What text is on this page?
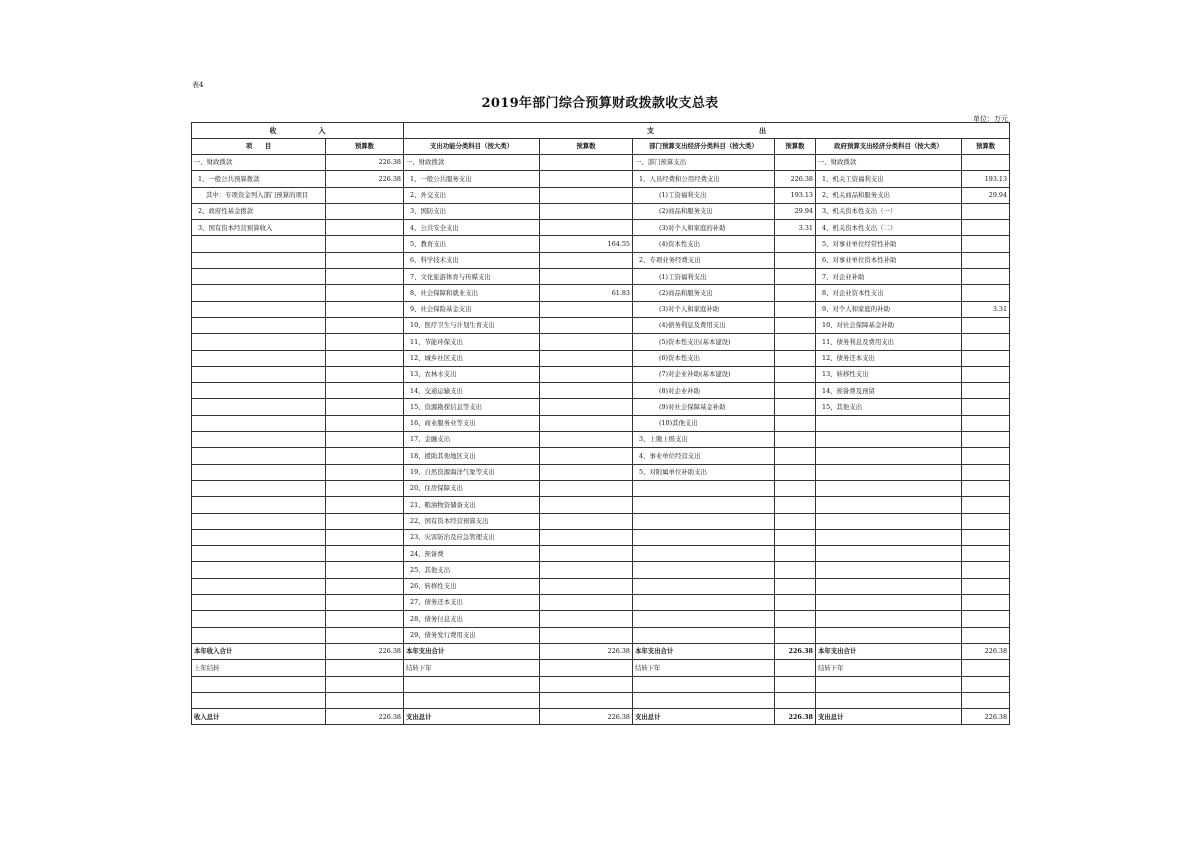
表4
2019年部门综合预算财政拨款收支总表
单位：万元
收　　　　　　入		支　　　　　　　　　　　　　　　出					
项　　目	预算数	支出功能分类科目（按大类）	预算数	部门预算支出经济分类科目（按大类）	预算数	政府预算支出经济分类科目（按大类）	预算数
一、财政拨款	226.38	一、财政拨款		一、部门预算支出		一、财政拨款	
1、一般公共预算拨款	226.38	1、一般公共服务支出		1、人员经费和公用经费支出	226.38	1、机关工资福利支出	193.13
其中：专项资金列入部门预算的项目		2、外交支出		(1)工资福利支出	193.13	2、机关商品和服务支出	29.94
2、政府性基金拨款		3、国防支出		(2)商品和服务支出	29.94	3、机关资本性支出（一）	
3、国有资本经营预算收入		4、公共安全支出		(3)对个人和家庭的补助	3.31	4、机关资本性支出（二）	
		5、教育支出	164.55	(4)资本性支出		5、对事业单位经常性补助	
		6、科学技术支出		2、专项业务经费支出		6、对事业单位资本性补助	
		7、文化旅游体育与传媒支出		(1)工资福利支出		7、对企业补助	
		8、社会保障和就业支出	61.83	(2)商品和服务支出		8、对企业资本性支出	
		9、社会保险基金支出		(3)对个人和家庭补助		9、对个人和家庭的补助	3.31
		10、医疗卫生与计划生育支出		(4)债务利息及费用支出		10、对社会保障基金补助	
		11、节能环保支出		(5)资本性支出(基本建设)		11、债务利息及费用支出	
		12、城乡社区支出		(6)资本性支出		12、债务还本支出	
		13、农林水支出		(7)对企业补助(基本建设)		13、转移性支出	
		14、交通运输支出		(8)对企业补助		14、预备费及预留	
		15、资源勘探信息等支出		(9)对社会保障基金补助		15、其他支出	
		16、商业服务业等支出		(10)其他支出			
		17、金融支出		3、上缴上级支出			
		18、援助其他地区支出		4、事业单位经营支出			
		19、自然资源海洋气象等支出		5、对附属单位补助支出			
		20、住房保障支出					
		21、粮油物资储备支出					
		22、国有资本经营预算支出					
		23、灾害防治及应急管理支出					
		24、预备费					
		25、其他支出					
		26、转移性支出					
		27、债务还本支出					
		28、债务付息支出					
		29、债务发行费用支出					
本年收入合计	226.38	本年支出合计	226.38	本年支出合计	226.38	本年支出合计	226.38
上年结转		结转下年		结转下年		结转下年	

收入总计	226.38	支出总计	226.38	支出总计	226.38	支出总计	226.38
